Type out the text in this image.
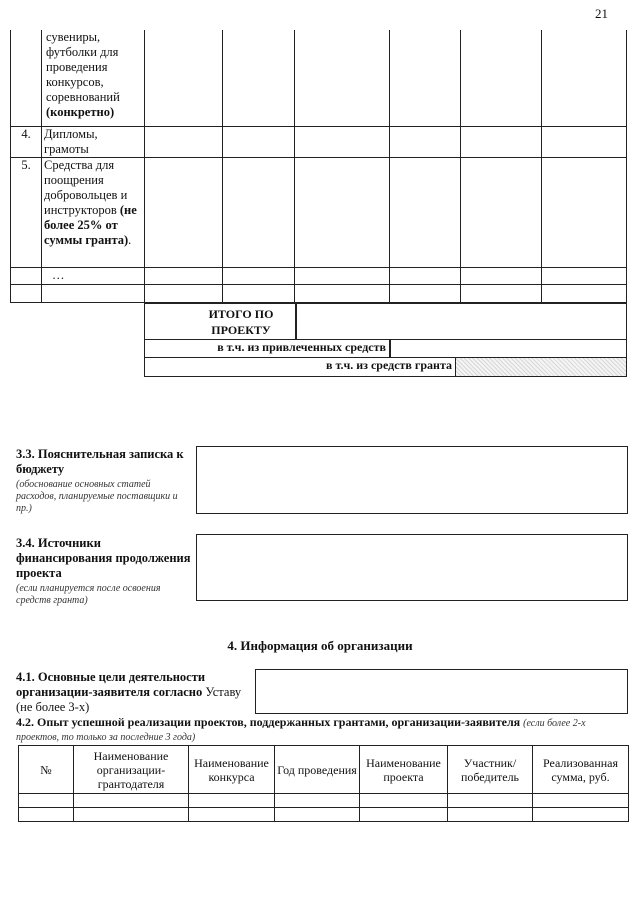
21
	сувениры, футболки для проведения конкурсов, соревнований (конкретно)						
4.	Дипломы, грамоты						
5.	Средства для поощрения добровольцев и инструкторов (не более 25% от суммы гранта).						
	…						

ИТОГО ПО ПРОЕКТУ
в т.ч. из привлеченных средств
в т.ч. из средств гранта
3.3. Пояснительная записка к бюджету
(обоснование основных статей расходов, планируемые поставщики и пр.)
3.4. Источники финансирования продолжения проекта
(если планируется после освоения средств гранта)
4. Информация об организации
4.1. Основные цели деятельности организации-заявителя согласно Уставу (не более 3-х)
4.2. Опыт успешной реализации проектов, поддержанных грантами, организации-заявителя (если более 2-х проектов, то только за последние 3 года)
№	Наименование организации-грантодателя	Наименование конкурса	Год проведения	Наименование проекта	Участник/ победитель	Реализованная сумма, руб.
